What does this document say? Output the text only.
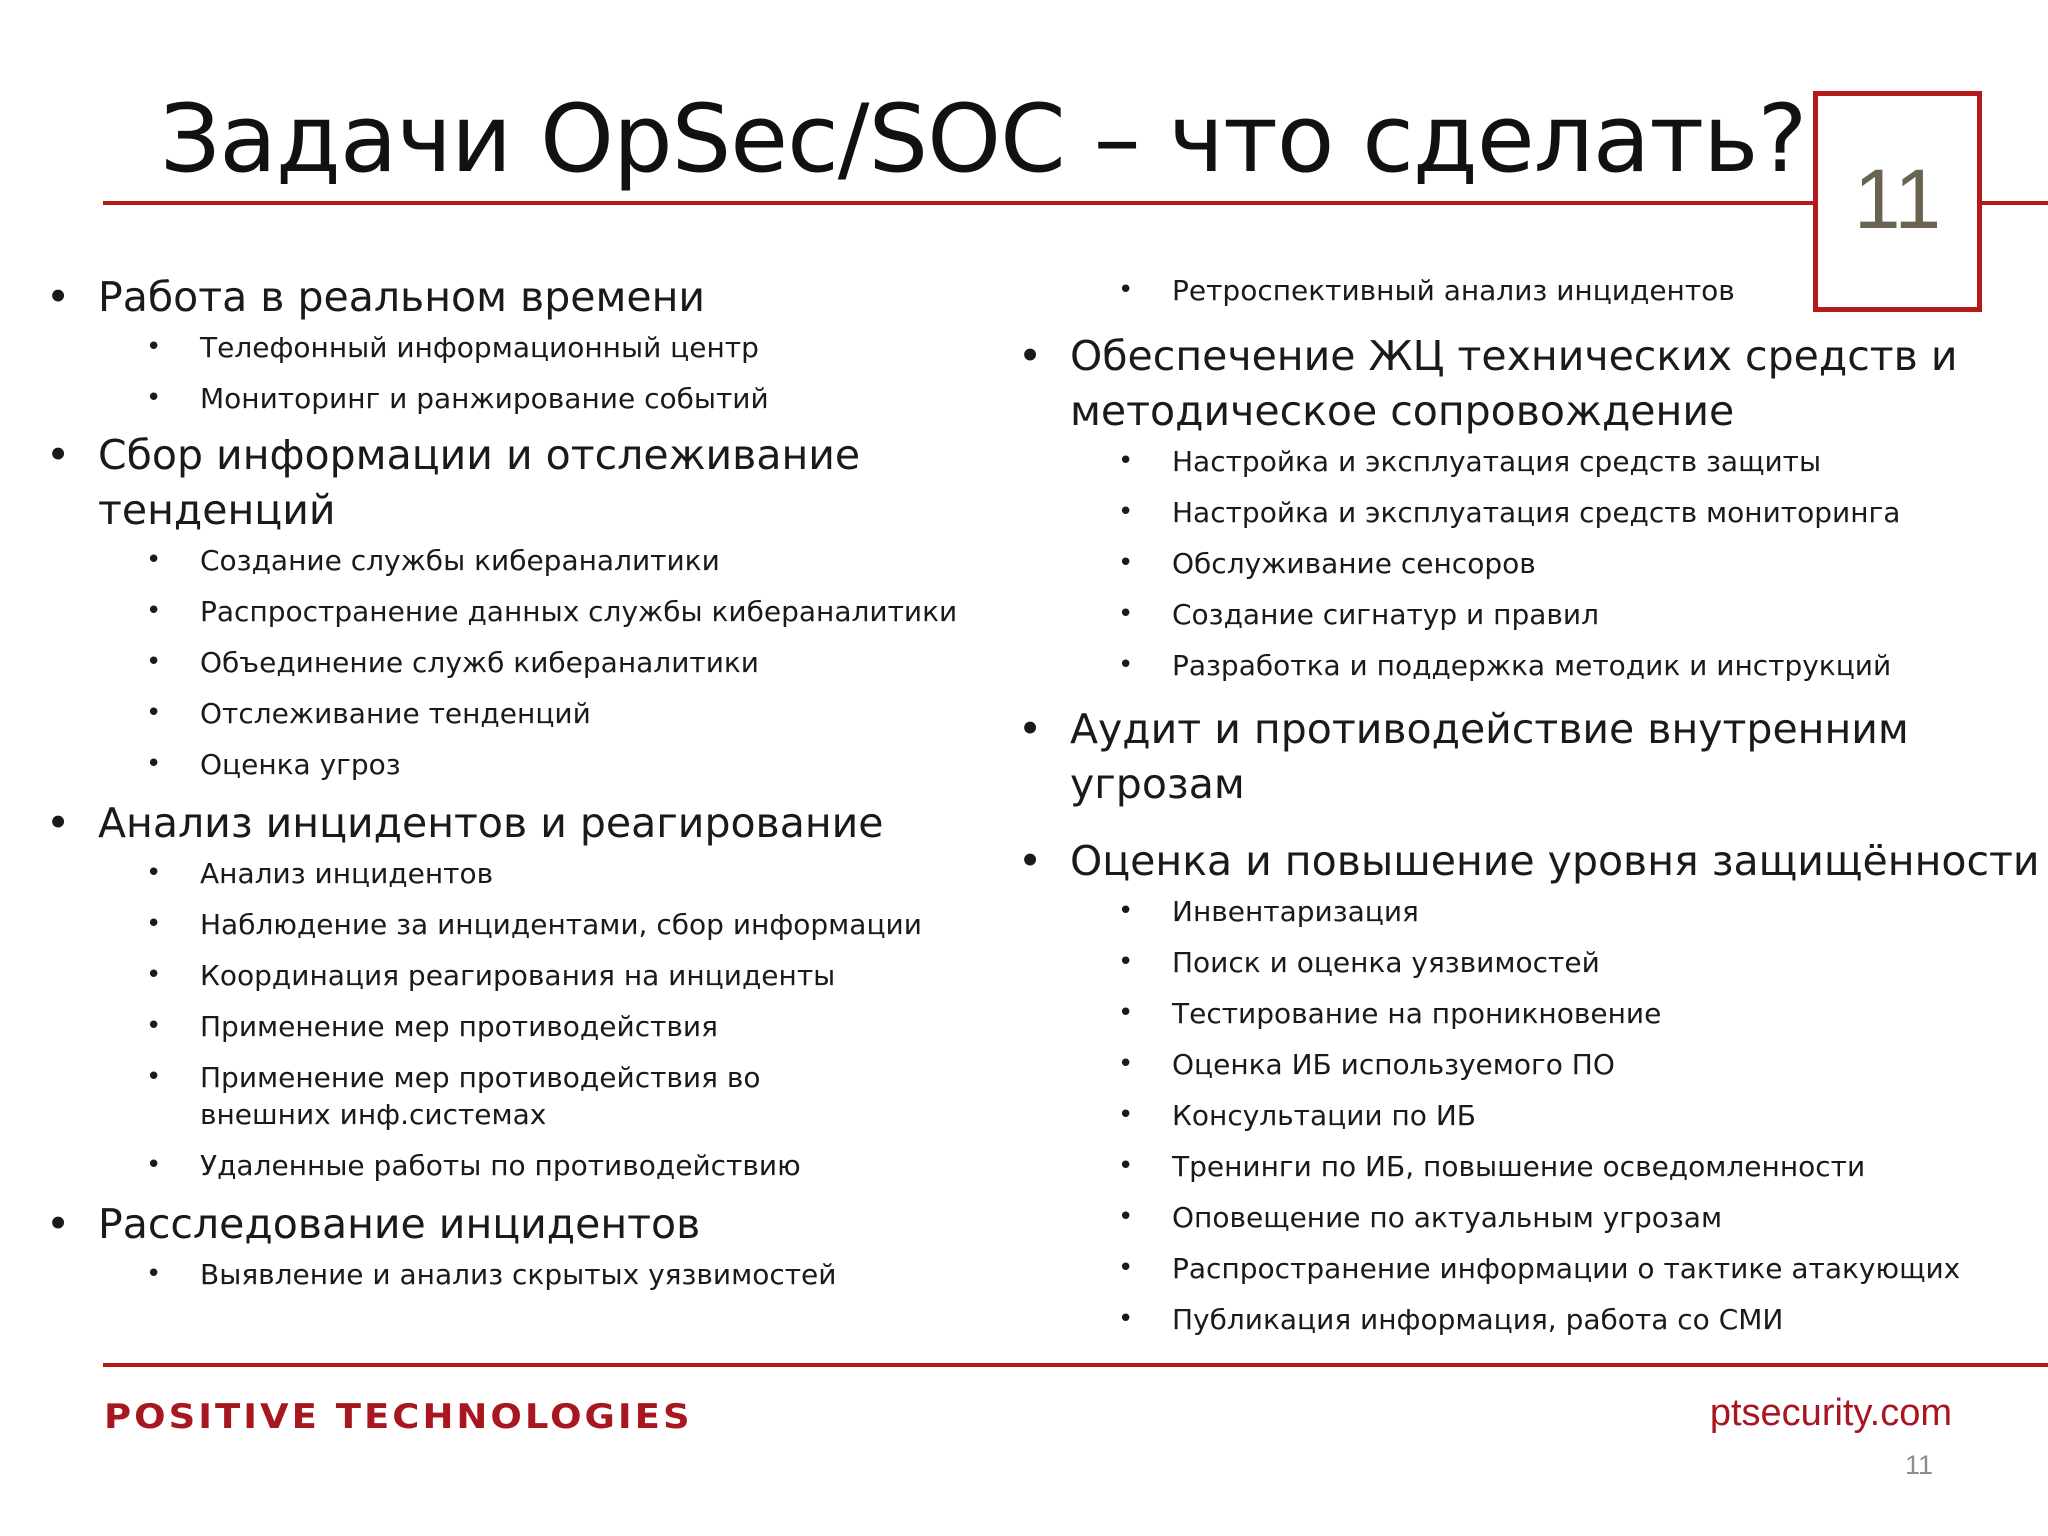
Задачи OpSec/SOC – что сделать?
11
• Работа в реальном времени
• Телефонный информационный центр
• Мониторинг и ранжирование событий
• Сбор информации и отслеживание тенденций
• Создание службы кибераналитики
• Распространение данных службы кибераналитики
• Объединение служб кибераналитики
• Отслеживание тенденций
• Оценка угроз
• Анализ инцидентов и реагирование
• Анализ инцидентов
• Наблюдение за инцидентами, сбор информации
• Координация реагирования на инциденты
• Применение мер противодействия
• Применение мер противодействия во внешних инф.системах
• Удаленные работы по противодействию
• Расследование инцидентов
• Выявление и анализ скрытых уязвимостей
• Ретроспективный анализ инцидентов
• Обеспечение ЖЦ технических средств и методическое сопровождение
• Настройка и эксплуатация средств защиты
• Настройка и эксплуатация средств мониторинга
• Обслуживание сенсоров
• Создание сигнатур и правил
• Разработка и поддержка методик и инструкций
• Аудит и противодействие внутренним угрозам
• Оценка и повышение уровня защищённости
• Инвентаризация
• Поиск и оценка уязвимостей
• Тестирование на проникновение
• Оценка ИБ используемого ПО
• Консультации по ИБ
• Тренинги по ИБ, повышение осведомленности
• Оповещение по актуальным угрозам
• Распространение информации о тактике атакующих
• Публикация информация, работа со СМИ
POSITIVE TECHNOLOGIES	ptsecurity.com
11
